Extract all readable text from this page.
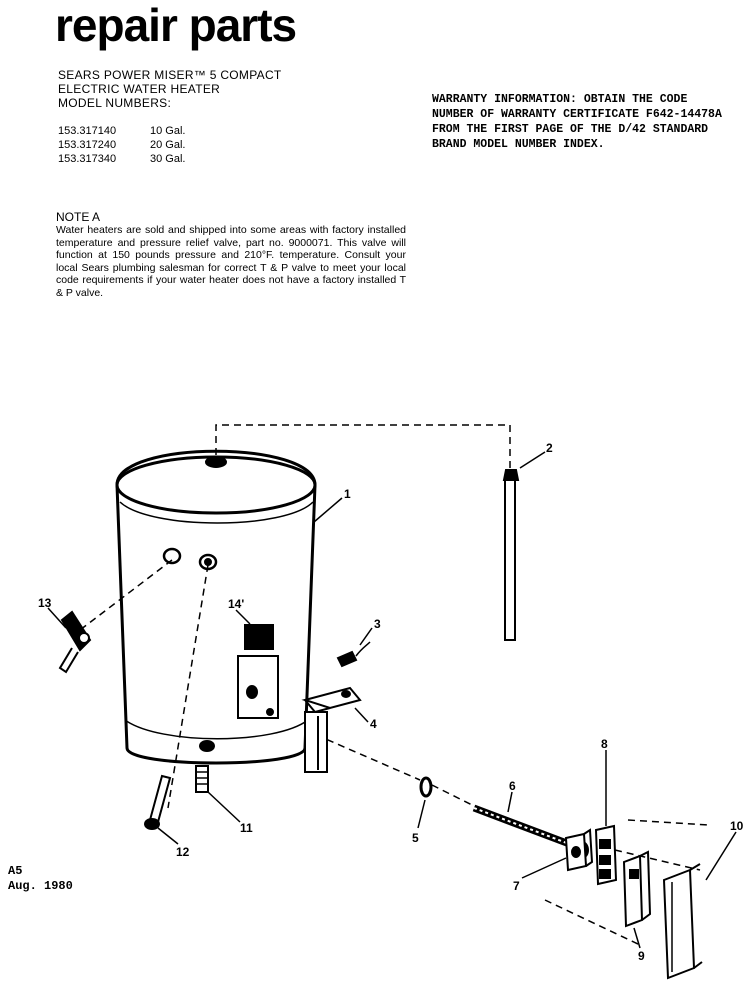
repair parts
SEARS POWER MISER™ 5 COMPACT
ELECTRIC WATER HEATER
MODEL NUMBERS:
153.317140	10 Gal.
153.317240	20 Gal.
153.317340	30 Gal.
WARRANTY INFORMATION: OBTAIN THE CODE NUMBER OF WARRANTY CERTIFICATE F642-14478A FROM THE FIRST PAGE OF THE D/42 STANDARD BRAND MODEL NUMBER INDEX.
NOTE A
Water heaters are sold and shipped into some areas with factory installed temperature and pressure relief valve, part no. 9000071. This valve will function at 150 pounds pressure and 210°F. temperature. Consult your local Sears plumbing salesman for correct T & P valve to meet your local code requirements if your water heater does not have a factory installed T & P valve.
A5
Aug. 1980
1
2
3
4
5
6
7
8
9
10
11
12
13	14'
